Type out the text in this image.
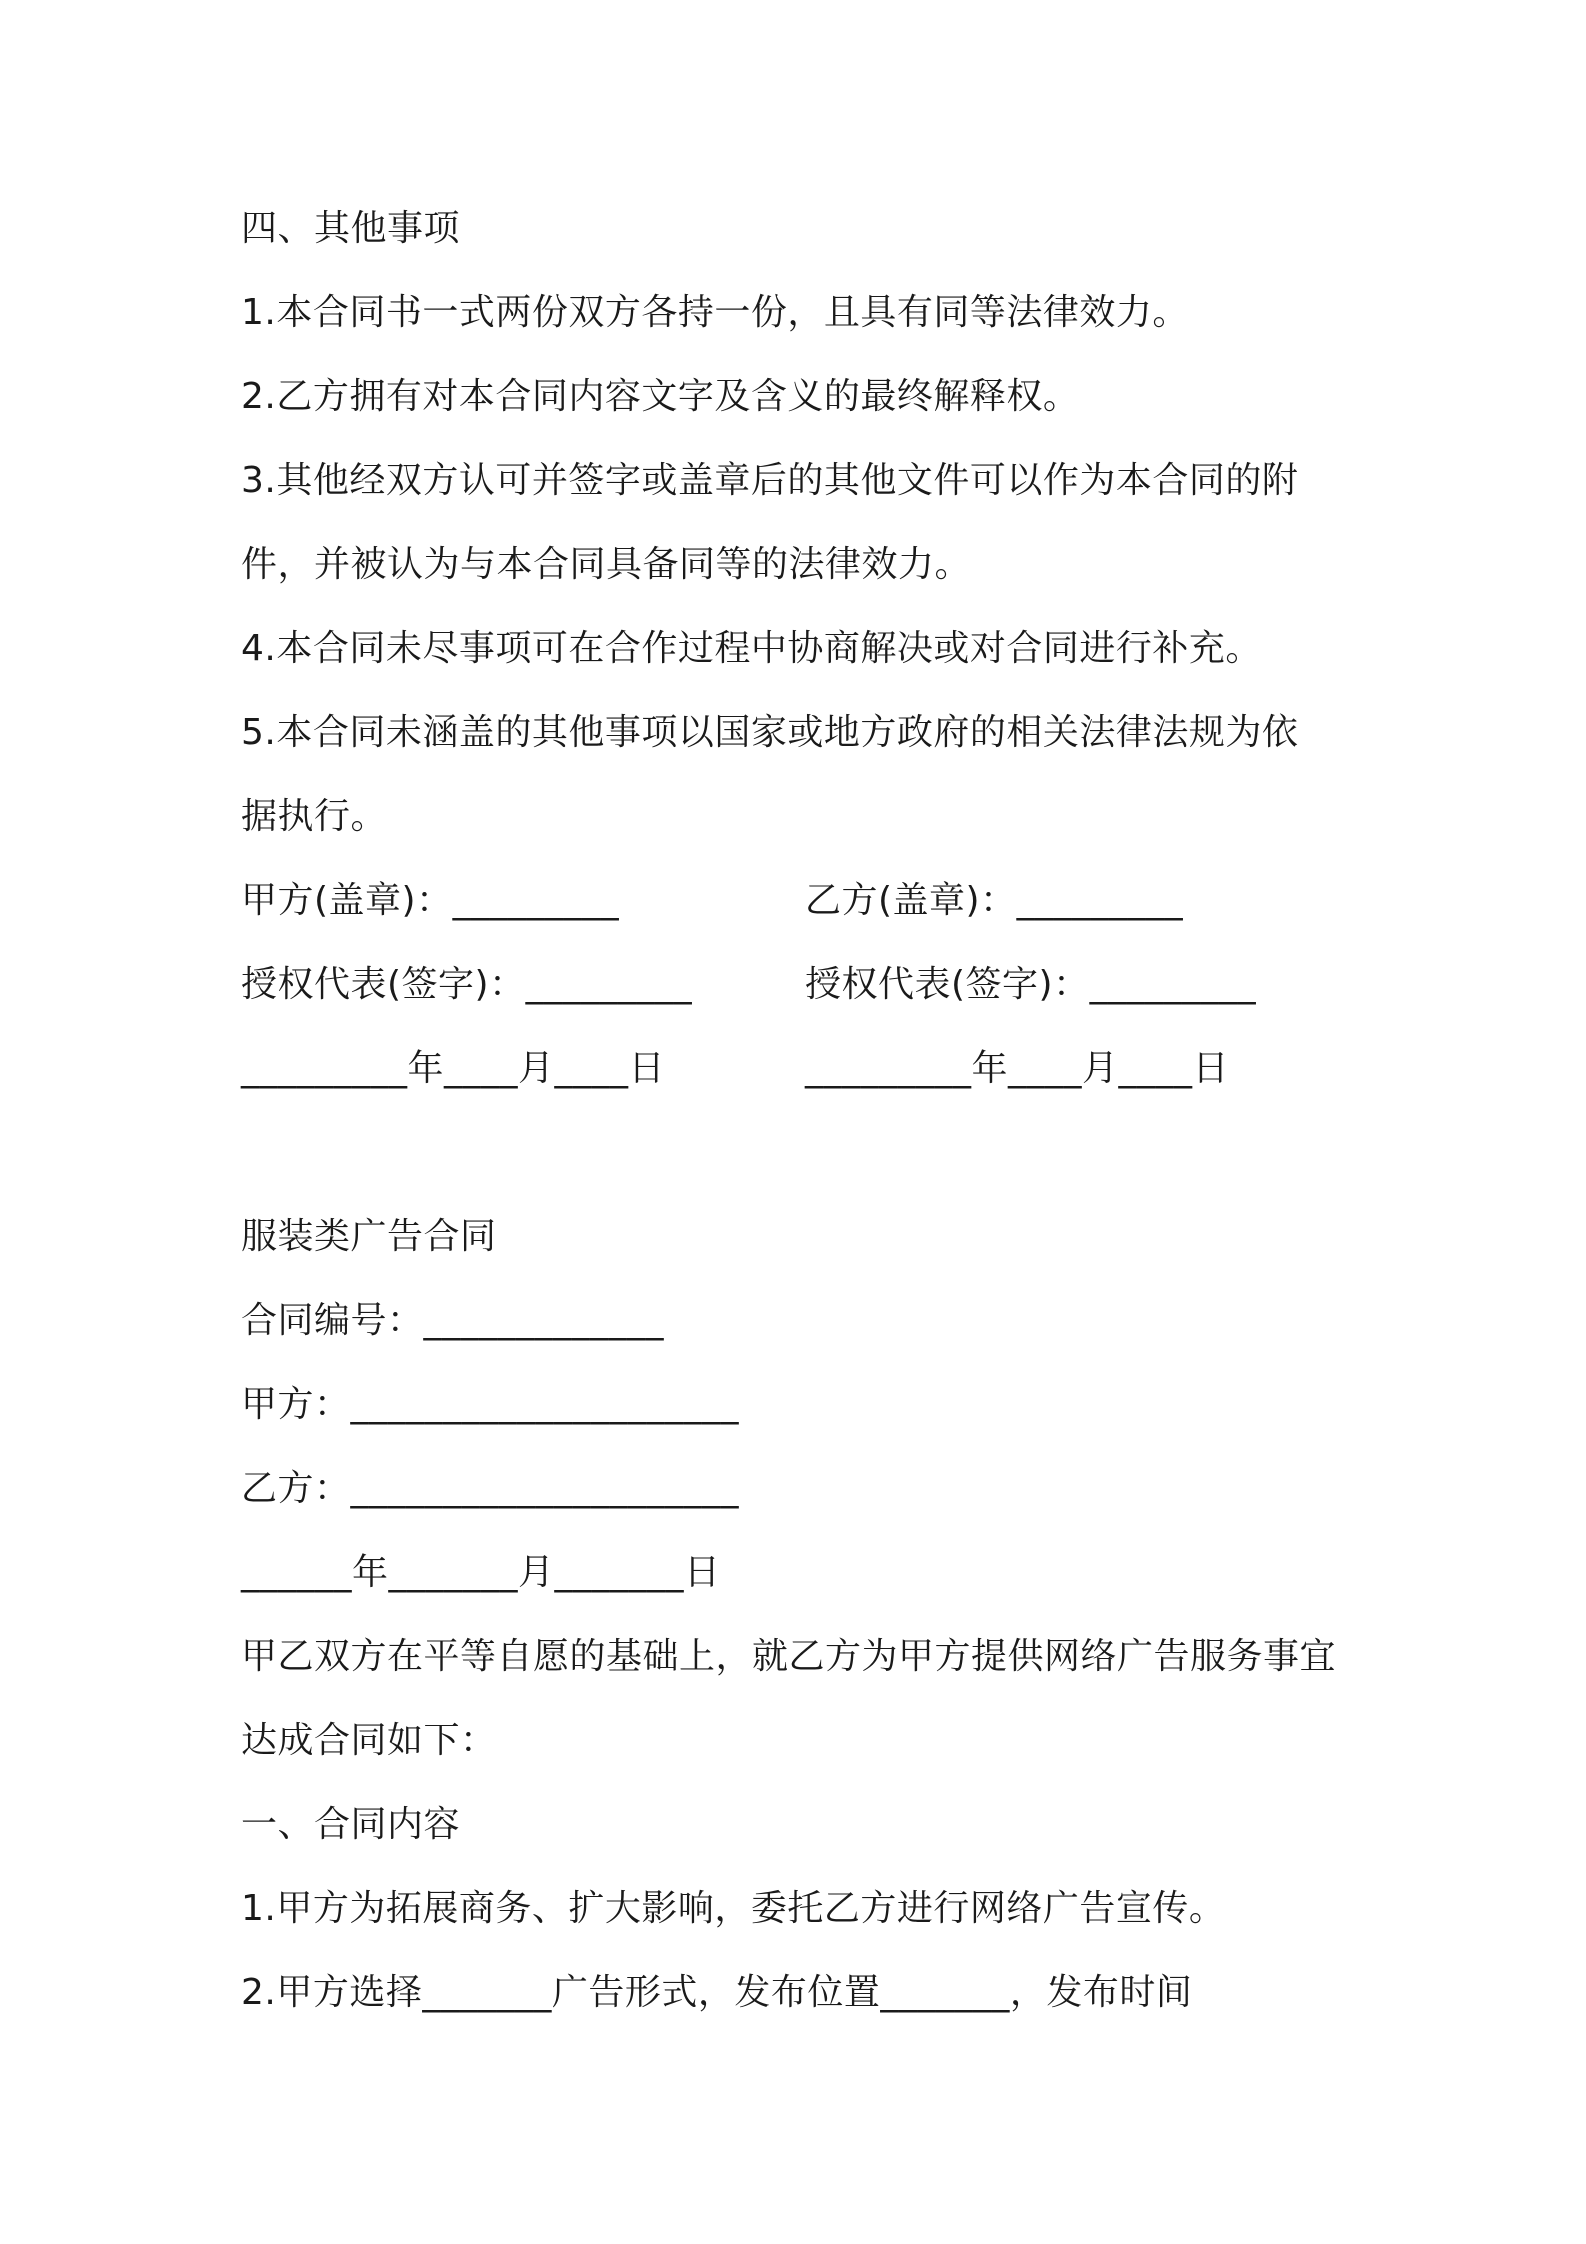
四、其他事项
1.本合同书一式两份双方各持一份，且具有同等法律效力。
2.乙方拥有对本合同内容文字及含义的最终解释权。
3.其他经双方认可并签字或盖章后的其他文件可以作为本合同的附
件，并被认为与本合同具备同等的法律效力。
4.本合同未尽事项可在合作过程中协商解决或对合同进行补充。
5.本合同未涵盖的其他事项以国家或地方政府的相关法律法规为依
据执行。
甲方(盖章)：_________	乙方(盖章)：_________
授权代表(签字)：_________	授权代表(签字)：_________
_________年____月____日	_________年____月____日
服装类广告合同
合同编号：_____________
甲方：_____________________
乙方：_____________________
______年_______月_______日
甲乙双方在平等自愿的基础上，就乙方为甲方提供网络广告服务事宜
达成合同如下：
一、合同内容
1.甲方为拓展商务、扩大影响，委托乙方进行网络广告宣传。
2.甲方选择_______广告形式，发布位置_______，发布时间
